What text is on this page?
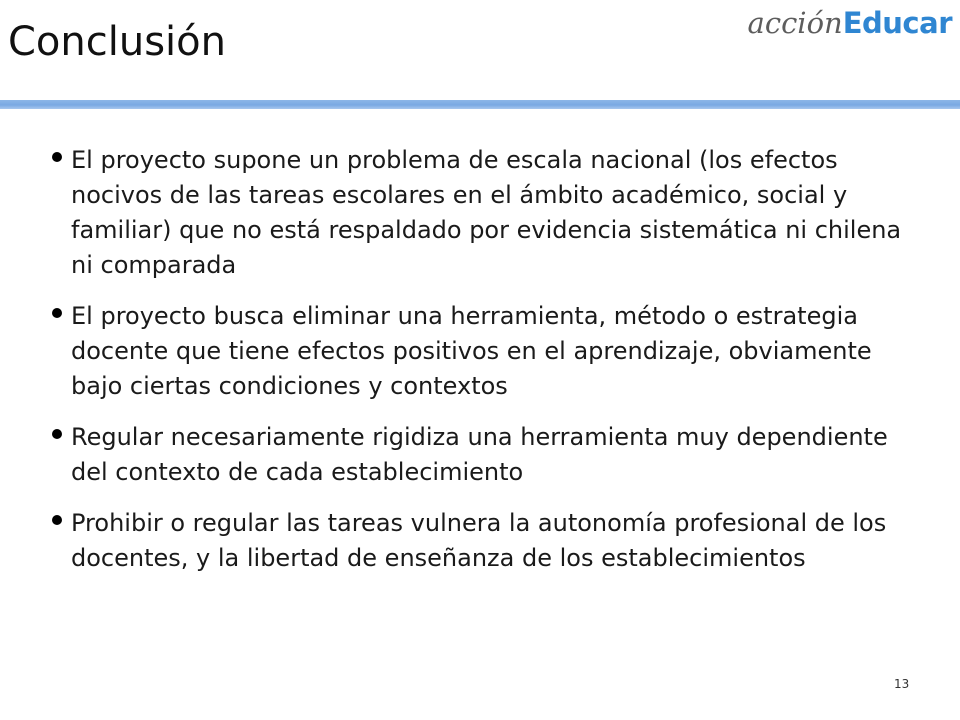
Conclusión	acción Educar
El proyecto supone un problema de escala nacional (los efectos nocivos de las tareas escolares en el ámbito académico, social y familiar) que no está respaldado por evidencia sistemática ni chilena ni comparada
El proyecto busca eliminar una herramienta, método o estrategia docente que tiene efectos positivos en el aprendizaje, obviamente bajo ciertas condiciones y contextos
Regular necesariamente rigidiza una herramienta muy dependiente del contexto de cada establecimiento
Prohibir o regular las tareas vulnera la autonomía profesional de los docentes, y la libertad de enseñanza de los establecimientos
13
